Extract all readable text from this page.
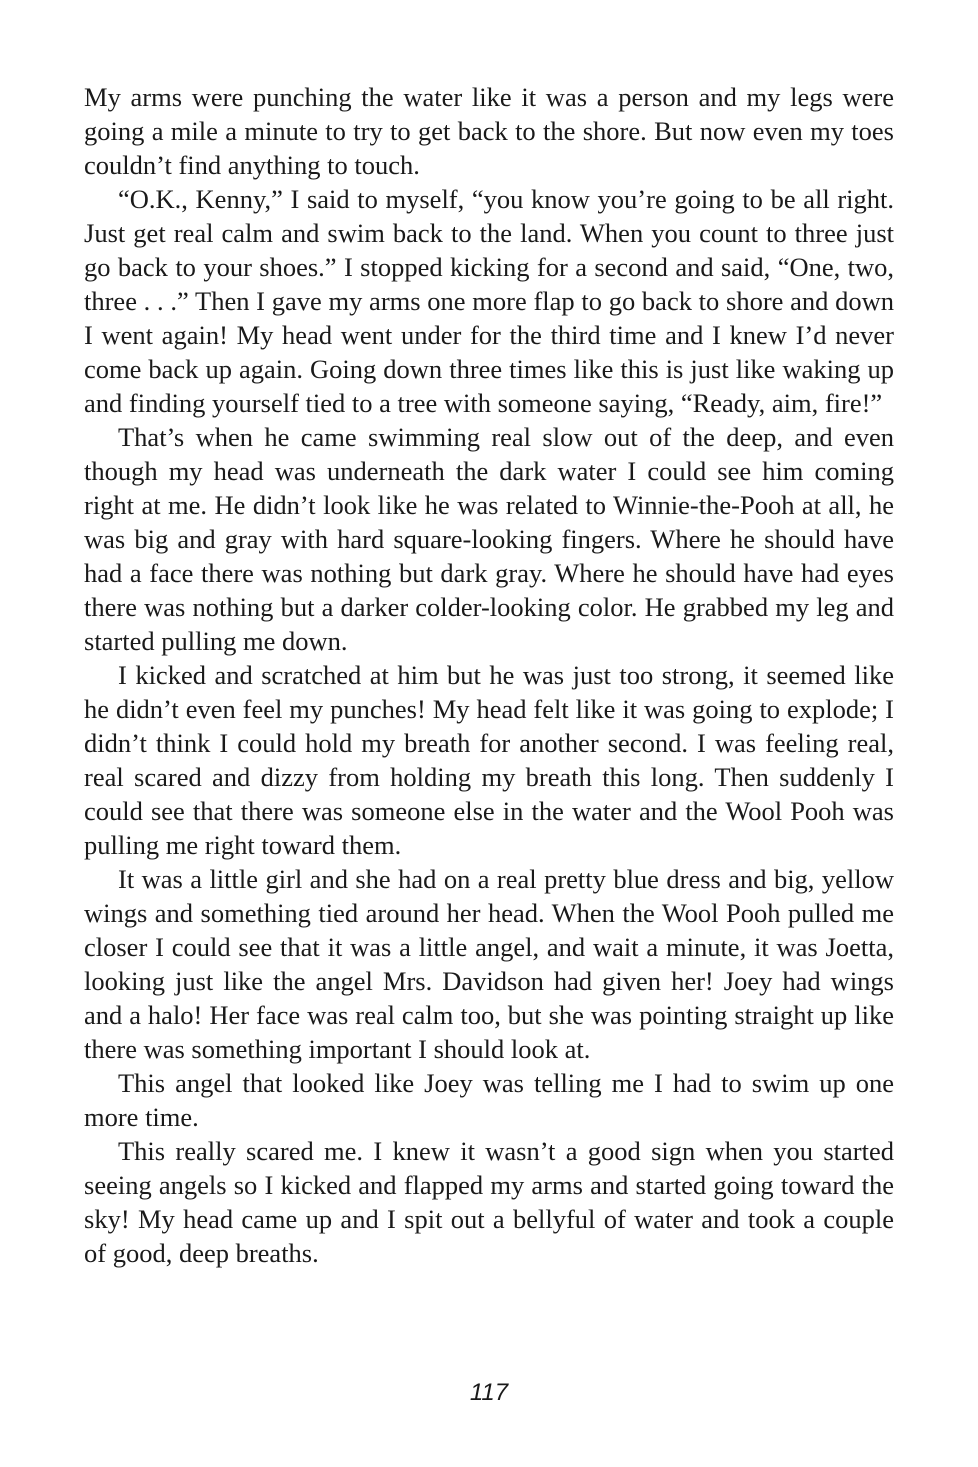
My arms were punching the water like it was a person and my legs were going a mile a minute to try to get back to the shore. But now even my toes couldn’t find anything to touch.

“O.K., Kenny,” I said to myself, “you know you’re going to be all right. Just get real calm and swim back to the land. When you count to three just go back to your shoes.” I stopped kicking for a second and said, “One, two, three . . .” Then I gave my arms one more flap to go back to shore and down I went again! My head went under for the third time and I knew I’d never come back up again. Going down three times like this is just like waking up and finding yourself tied to a tree with someone saying, “Ready, aim, fire!”

That’s when he came swimming real slow out of the deep, and even though my head was underneath the dark water I could see him coming right at me. He didn’t look like he was related to Winnie-the-Pooh at all, he was big and gray with hard square-looking fingers. Where he should have had a face there was nothing but dark gray. Where he should have had eyes there was nothing but a darker colder-looking color. He grabbed my leg and started pulling me down.

I kicked and scratched at him but he was just too strong, it seemed like he didn’t even feel my punches! My head felt like it was going to explode; I didn’t think I could hold my breath for another second. I was feeling real, real scared and dizzy from holding my breath this long. Then suddenly I could see that there was someone else in the water and the Wool Pooh was pulling me right toward them.

It was a little girl and she had on a real pretty blue dress and big, yellow wings and something tied around her head. When the Wool Pooh pulled me closer I could see that it was a little angel, and wait a minute, it was Joetta, looking just like the angel Mrs. Davidson had given her! Joey had wings and a halo! Her face was real calm too, but she was pointing straight up like there was something important I should look at.

This angel that looked like Joey was telling me I had to swim up one more time.

This really scared me. I knew it wasn’t a good sign when you started seeing angels so I kicked and flapped my arms and started going toward the sky! My head came up and I spit out a bellyful of water and took a couple of good, deep breaths.

117
